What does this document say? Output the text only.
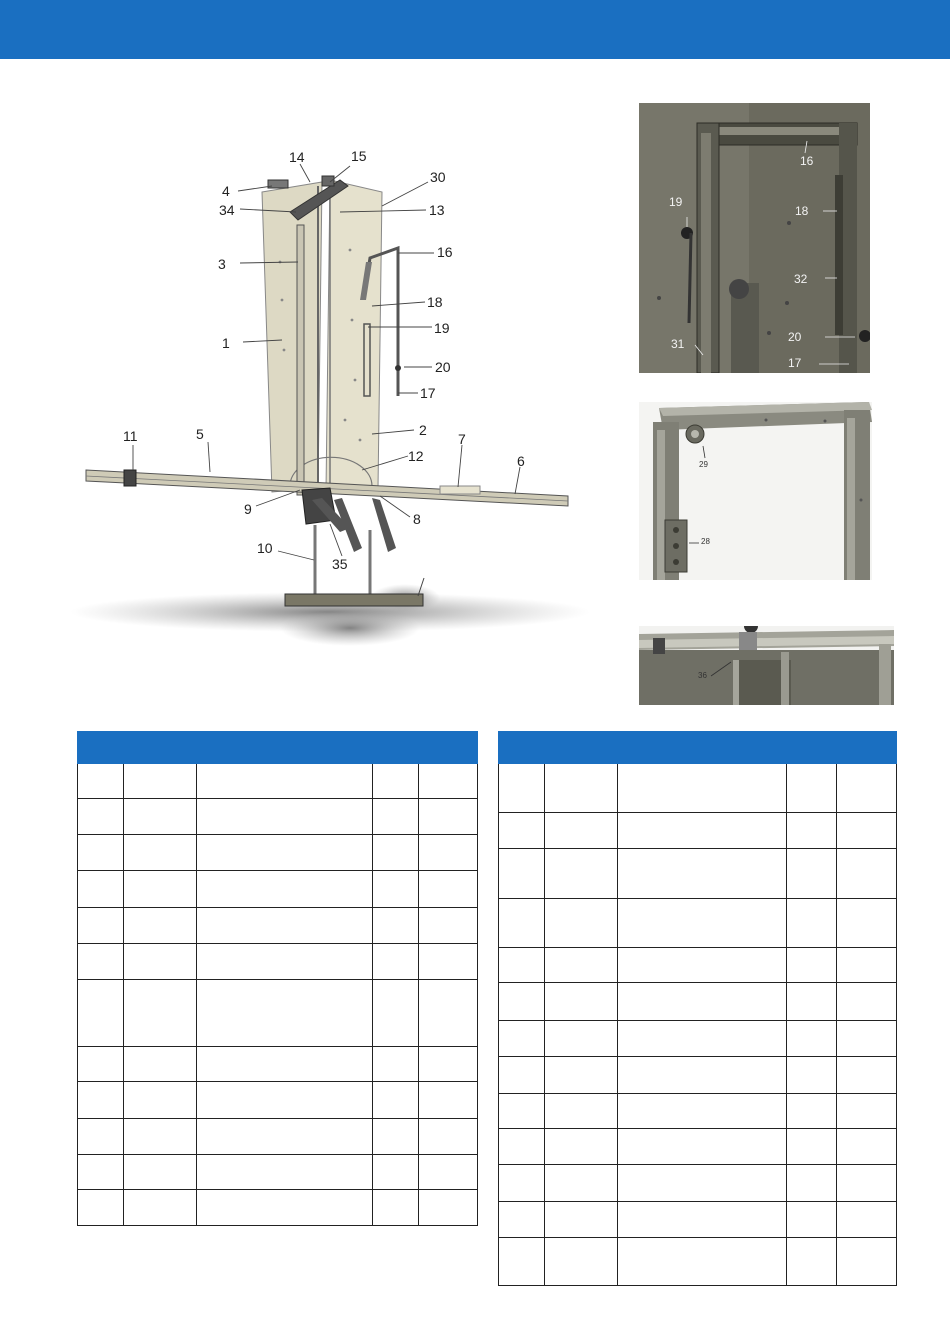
1
2
3
4
5
6
7
8
9
10
11
12
13
14	15
16
17
18
19
20
30
34
35
16
18
19
32
20
31
17
29
28
36
